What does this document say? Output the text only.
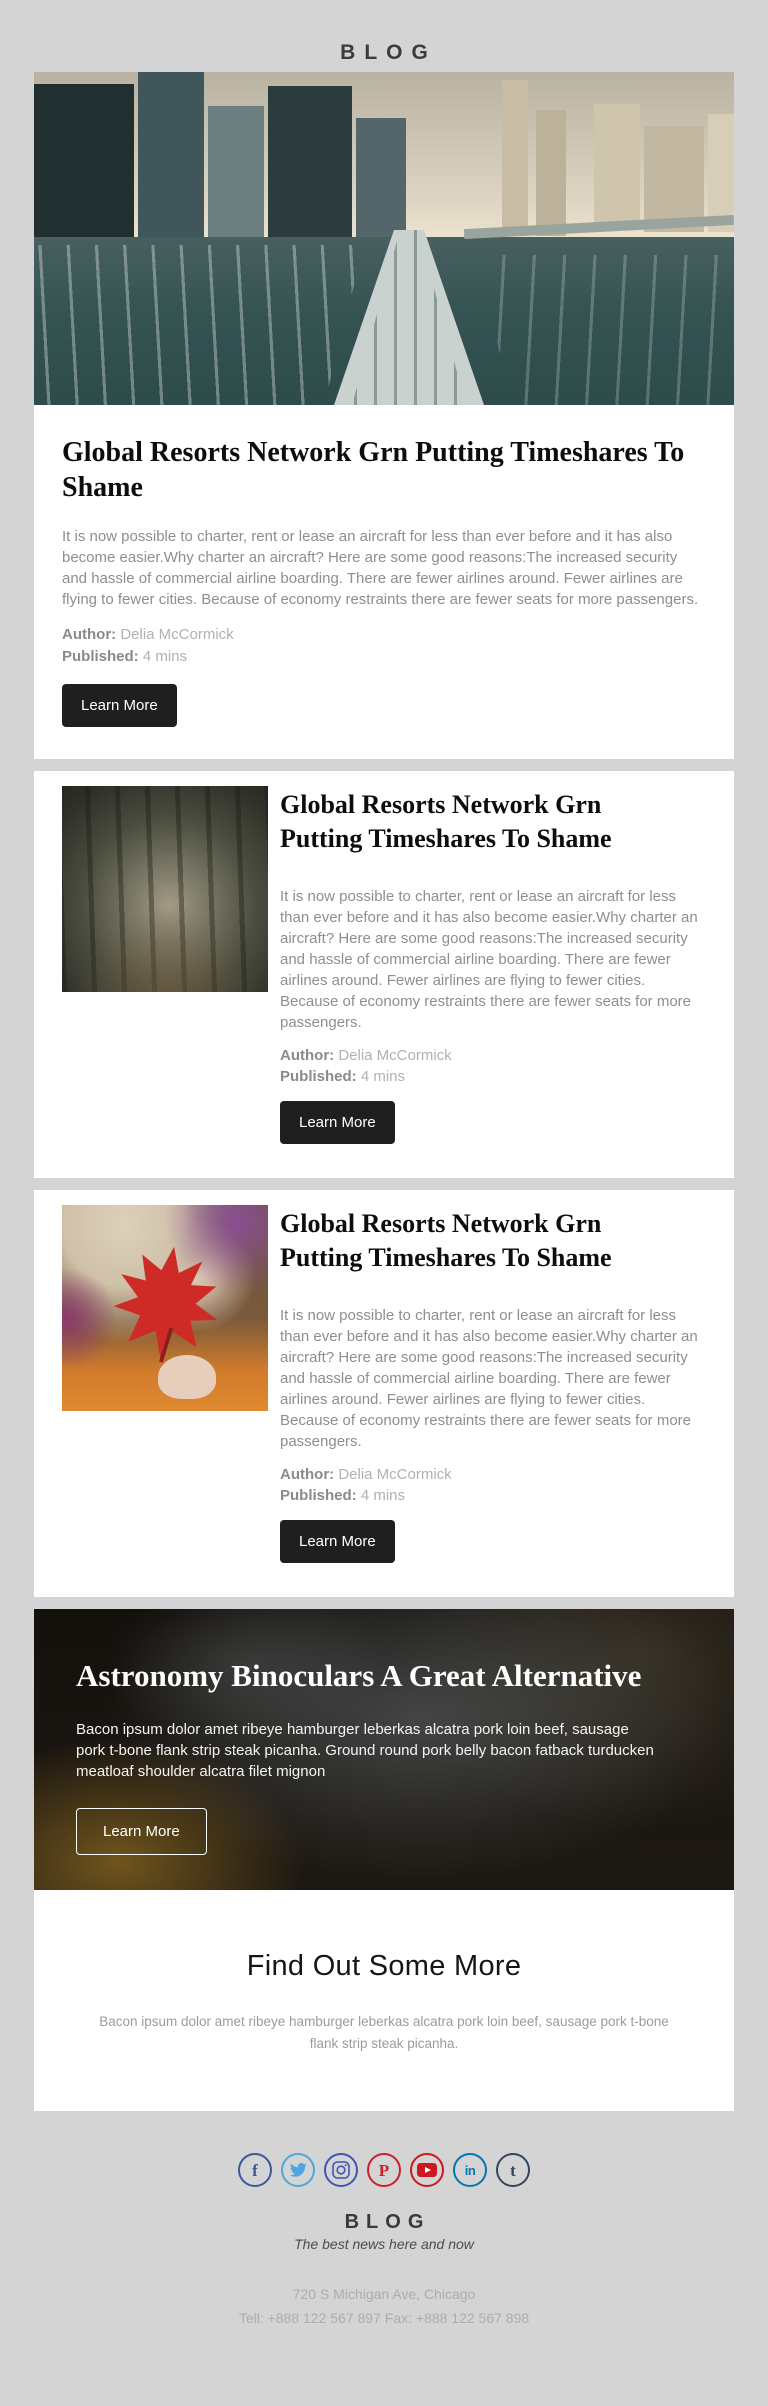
BLOG
Global Resorts Network Grn Putting Timeshares To Shame

It is now possible to charter, rent or lease an aircraft for less than ever before and it has also become easier.Why charter an aircraft? Here are some good reasons:The increased security and hassle of commercial airline boarding. There are fewer airlines around. Fewer airlines are flying to fewer cities. Because of economy restraints there are fewer seats for more passengers.

Author: Delia McCormick
Published: 4 mins
Learn More
Global Resorts Network Grn Putting Timeshares To Shame

It is now possible to charter, rent or lease an aircraft for less than ever before and it has also become easier.Why charter an aircraft? Here are some good reasons:The increased security and hassle of commercial airline boarding. There are fewer airlines around. Fewer airlines are flying to fewer cities. Because of economy restraints there are fewer seats for more passengers.

Author: Delia McCormick
Published: 4 mins
Learn More
Global Resorts Network Grn Putting Timeshares To Shame

It is now possible to charter, rent or lease an aircraft for less than ever before and it has also become easier.Why charter an aircraft? Here are some good reasons:The increased security and hassle of commercial airline boarding. There are fewer airlines around. Fewer airlines are flying to fewer cities. Because of economy restraints there are fewer seats for more passengers.

Author: Delia McCormick
Published: 4 mins
Learn More
Astronomy Binoculars A Great Alternative

Bacon ipsum dolor amet ribeye hamburger leberkas alcatra pork loin beef, sausage pork t-bone flank strip steak picanha. Ground round pork belly bacon fatback turducken meatloaf shoulder alcatra filet mignon

Learn More
Find Out Some More

Bacon ipsum dolor amet ribeye hamburger leberkas alcatra pork loin beef, sausage pork t-bone flank strip steak picanha.

f	P	in t
BLOG
The best news here and now
720 S Michigan Ave, Chicago
Tell: +888 122 567 897 Fax: +888 122 567 898
